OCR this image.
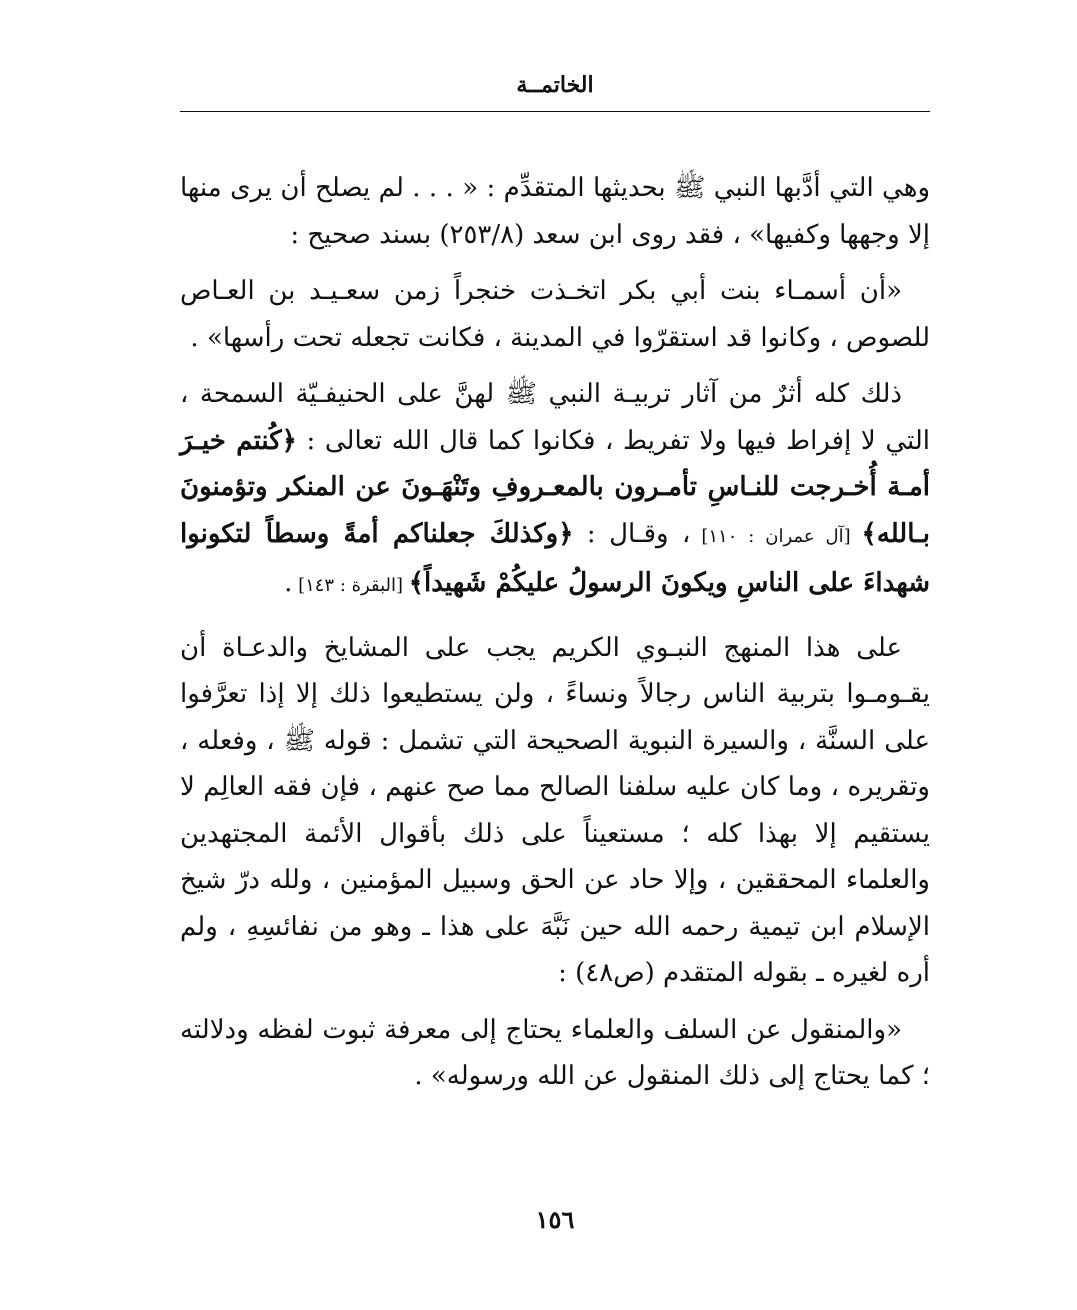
الخاتمــة

وهي التي أدَّبها النبي ﷺ بحديثها المتقدِّم : « . . . لم يصلح أن يرى منها إلا وجهها وكفيها» ، فقد روى ابن سعد (٢٥٣/٨) بسند صحيح :

«أن أسمـاء بنت أبي بكر اتخـذت خنجراً زمن سعـيـد بن العـاص للصوص ، وكانوا قد استقرّوا في المدينة ، فكانت تجعله تحت رأسها» .

ذلك كله أثرٌ من آثار تربيـة النبي ﷺ لهنَّ على الحنيفـيّة السمحة ، التي لا إفراط فيها ولا تفريط ، فكانوا كما قال الله تعالى : ﴿كُنتم خيـرَ أمـة أُخـرجت للنـاسِ تأمـرون بالمعـروفِ وتَنْهَـونَ عن المنكر وتؤمنونَ بـالله﴾ [آل عمران : ١١٠] ، وقـال : ﴿وكذلكَ جعلناكم أمةً وسطاً لتكونوا شهداءَ على الناسِ ويكونَ الرسولُ عليكُمْ شَهيداً﴾ [البقرة : ١٤٣] .

على هذا المنهج النبـوي الكريم يجب على المشايخ والدعـاة أن يقـومـوا بتربية الناس رجالاً ونساءً ، ولن يستطيعوا ذلك إلا إذا تعرَّفوا على السنَّة ، والسيرة النبوية الصحيحة التي تشمل : قوله ﷺ ، وفعله ، وتقريره ، وما كان عليه سلفنا الصالح مما صح عنهم ، فإن فقه العالِم لا يستقيم إلا بهذا كله ؛ مستعيناً على ذلك بأقوال الأئمة المجتهدين والعلماء المحققين ، وإلا حاد عن الحق وسبيل المؤمنين ، ولله درّ شيخ الإسلام ابن تيمية رحمه الله حين نَبَّهَ على هذا ـ وهو من نفائسِهِ ، ولم أره لغيره ـ بقوله المتقدم (ص٤٨) :

«والمنقول عن السلف والعلماء يحتاج إلى معرفة ثبوت لفظه ودلالته ؛ كما يحتاج إلى ذلك المنقول عن الله ورسوله» .

١٥٦
